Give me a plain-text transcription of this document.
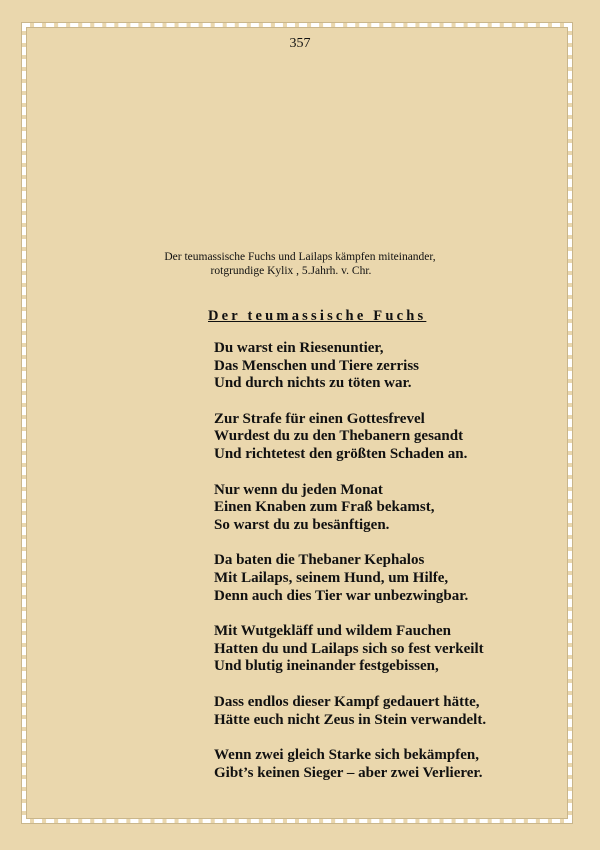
357
Der teumassische Fuchs und Lailaps kämpfen miteinander,
rotgrundige Kylix , 5.Jahrh. v. Chr.
Der teumassische Fuchs
Du warst ein Riesenuntier,
Das Menschen und Tiere zerriss
Und durch nichts zu töten war.
Zur Strafe für einen Gottesfrevel
Wurdest du zu den Thebanern gesandt
Und richtetest den größten Schaden an.
Nur wenn du jeden Monat
Einen Knaben zum Fraß bekamst,
So warst du zu besänftigen.
Da baten die Thebaner Kephalos
Mit Lailaps, seinem Hund, um Hilfe,
Denn auch dies Tier war unbezwingbar.
Mit Wutgekläff und wildem Fauchen
Hatten du und Lailaps sich so fest verkeilt
Und blutig ineinander festgebissen,
Dass endlos dieser Kampf gedauert hätte,
Hätte euch nicht Zeus in Stein verwandelt.
Wenn zwei gleich Starke sich bekämpfen,
Gibt’s keinen Sieger – aber zwei Verlierer.
